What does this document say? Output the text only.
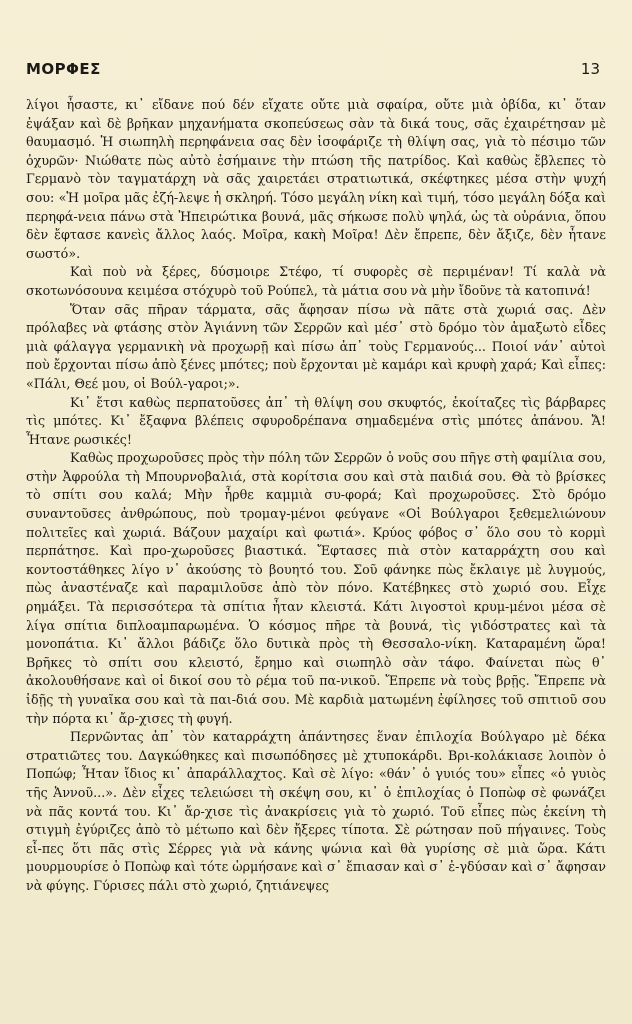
ΜΟΡΦΕΣ	13

λίγοι ἦσαστε, κι᾽ εἴδανε πού δέν εἴχατε οὔτε μιὰ σφαίρα, οὔτε μιὰ ὀβίδα, κι᾽ ὅταν ἐψάξαν καὶ δὲ βρῆκαν μηχανήματα σκοπεύσεως σὰν τὰ δικά τους, σᾶς ἐχαιρέτησαν μὲ θαυμασμό. Ἡ σιωπηλὴ περηφάνεια σας δὲν ἰσοφάριζε τὴ θλίψη σας, γιὰ τὸ πέσιμο τῶν ὀχυρῶν· Νιώθατε πὼς αὐτὸ ἐσήμαινε τὴν πτώση τῆς πατρίδος. Καὶ καθὼς ἔβλεπες τὸ Γερμανὸ τὸν ταγματάρχη νὰ σᾶς χαιρετάει στρατιωτικά, σκέφτηκες μέσα στὴν ψυχή σου: «Ἡ μοῖρα μᾶς ἐζή-λεψε ἡ σκληρή. Τόσο μεγάλη νίκη καὶ τιμή, τόσο μεγάλη δόξα καὶ περηφά-νεια πάνω στὰ Ἠπειρώτικα βουνά, μᾶς σήκωσε πολὺ ψηλά, ὡς τὰ οὐράνια, ὅπου δὲν ἔφτασε κανεὶς ἄλλος λαός. Μοῖρα, κακὴ Μοῖρα! Δὲν ἔπρεπε, δὲν ἄξιζε, δὲν ἦτανε σωστό».

Καὶ ποὺ νὰ ξέρες, δύσμοιρε Στέφο, τί συφορὲς σὲ περιμέναν! Τί καλὰ νὰ σκοτωνόσουνα κειμέσα στόχυρὸ τοῦ Ρούπελ, τὰ μάτια σου νὰ μὴν ἴδοῦνε τὰ κατοπινά!

Ὅταν σᾶς πῆραν τάρματα, σᾶς ἄφησαν πίσω νὰ πᾶτε στὰ χωριά σας. Δὲν πρόλαβες νὰ φτάσης στὸν Ἀγιάννη τῶν Σερρῶν καὶ μέσ᾽ στὸ δρόμο τὸν ἁμαξωτὸ εἶδες μιὰ φάλαγγα γερμανικὴ νὰ προχωρῇ καὶ πίσω ἀπ᾽ τοὺς Γερμανούς... Ποιοί νάν᾽ αὐτοὶ ποὺ ἔρχονται πίσω ἀπὸ ξένες μπότες; ποὺ ἔρχονται μὲ καμάρι καὶ κρυφὴ χαρά; Καὶ εἶπες: «Πάλι, Θεέ μου, οἱ Βούλ-γαροι;».

Κι᾽ ἔτσι καθὼς περπατοῦσες ἀπ᾽ τὴ θλίψη σου σκυφτός, ἐκοίταζες τὶς βάρβαρες τὶς μπότες. Κι᾽ ἔξαφνα βλέπεις σφυροδρέπανα σημαδεμένα στὶς μπότες ἀπάνου. Ἄ! Ἦτανε ρωσικές!

Καθὼς προχωροῦσες πρὸς τὴν πόλη τῶν Σερρῶν ὁ νοῦς σου πῆγε στὴ φαμίλια σου, στὴν Ἀφρούλα τὴ Μπουρνοβαλιά, στὰ κορίτσια σου καὶ στὰ παιδιά σου. Θὰ τὸ βρίσκες τὸ σπίτι σου καλά; Μὴν ἦρθε καμμιὰ συ-φορά; Καὶ προχωροῦσες. Στὸ δρόμο συναντοῦσες ἀνθρώπους, ποὺ τρομαγ-μένοι φεύγανε «Οἱ Βούλγαροι ξεθεμελιώνουν πολιτεῖες καὶ χωριά. Βάζουν μαχαίρι καὶ φωτιά». Κρύος φόβος σ᾽ ὅλο σου τὸ κορμὶ περπάτησε. Καὶ προ-χωροῦσες βιαστικά. Ἔφτασες πιὰ στὸν καταρράχτη σου καὶ κοντοστάθηκες λίγο ν᾽ ἀκούσης τὸ βουητό του. Σοῦ φάνηκε πὼς ἔκλαιγε μὲ λυγμούς, πὼς ἀναστέναζε καὶ παραμιλοῦσε ἀπὸ τὸν πόνο. Κατέβηκες στὸ χωριό σου. Εἶχε ρημάξει. Τὰ περισσότερα τὰ σπίτια ἦταν κλειστά. Κάτι λιγοστοὶ κρυμ-μένοι μέσα σὲ λίγα σπίτια διπλοαμπαρωμένα. Ὁ κόσμος πῆρε τὰ βουνά, τὶς γιδόστρατες καὶ τὰ μονοπάτια. Κι᾽ ἄλλοι βάδιζε ὅλο δυτικὰ πρὸς τὴ Θεσσαλο-νίκη. Καταραμένη ὥρα! Βρῆκες τὸ σπίτι σου κλειστό, ἔρημο καὶ σιωπηλὸ σὰν τάφο. Φαίνεται πὼς θ᾽ ἀκολουθήσανε καὶ οἱ δικοί σου τὸ ρέμα τοῦ πα-νικοῦ. Ἔπρεπε νὰ τοὺς βρῇς. Ἔπρεπε νὰ ἰδῇς τὴ γυναῖκα σου καὶ τὰ παι-διά σου. Μὲ καρδιὰ ματωμένη ἐφίλησες τοῦ σπιτιοῦ σου τὴν πόρτα κι᾽ ἄρ-χισες τὴ φυγή.

Περνῶντας ἀπ᾽ τὸν καταρράχτη ἀπάντησες ἕναν ἐπιλοχία Βούλγαρο μὲ δέκα στρατιῶτες του. Δαγκώθηκες καὶ πισωπόδησες μὲ χτυποκάρδι. Βρι-κολάκιασε λοιπὸν ὁ Ποπώφ; Ἦταν ἴδιος κι᾽ ἀπαράλλαχτος. Καὶ σὲ λίγο: «θάν᾽ ὁ γυιός του» εἶπες «ὁ γυιὸς τῆς Ἀννοῦ...». Δὲν εἶχες τελειώσει τὴ σκέψη σου, κι᾽ ὁ ἐπιλοχίας ὁ Ποπὼφ σὲ φωνάζει νὰ πᾶς κοντά του. Κι᾽ ἄρ-χισε τὶς ἀνακρίσεις γιὰ τὸ χωριό. Τοῦ εἶπες πὼς ἐκείνη τὴ στιγμὴ ἐγύριζες ἀπὸ τὸ μέτωπο καὶ δὲν ἤξερες τίποτα. Σὲ ρώτησαν ποῦ πήγαινες. Τοὺς εἶ-πες ὅτι πᾶς στὶς Σέρρες γιὰ νὰ κάνης ψώνια καὶ θὰ γυρίσης σὲ μιὰ ὥρα. Κάτι μουρμουρίσε ὁ Ποπὼφ καὶ τότε ὡρμήσανε καὶ σ᾽ ἔπιασαν καὶ σ᾽ ἐ-γδύσαν καὶ σ᾽ ἄφησαν νὰ φύγης. Γύρισες πάλι στὸ χωριό, ζητιάνεψες
